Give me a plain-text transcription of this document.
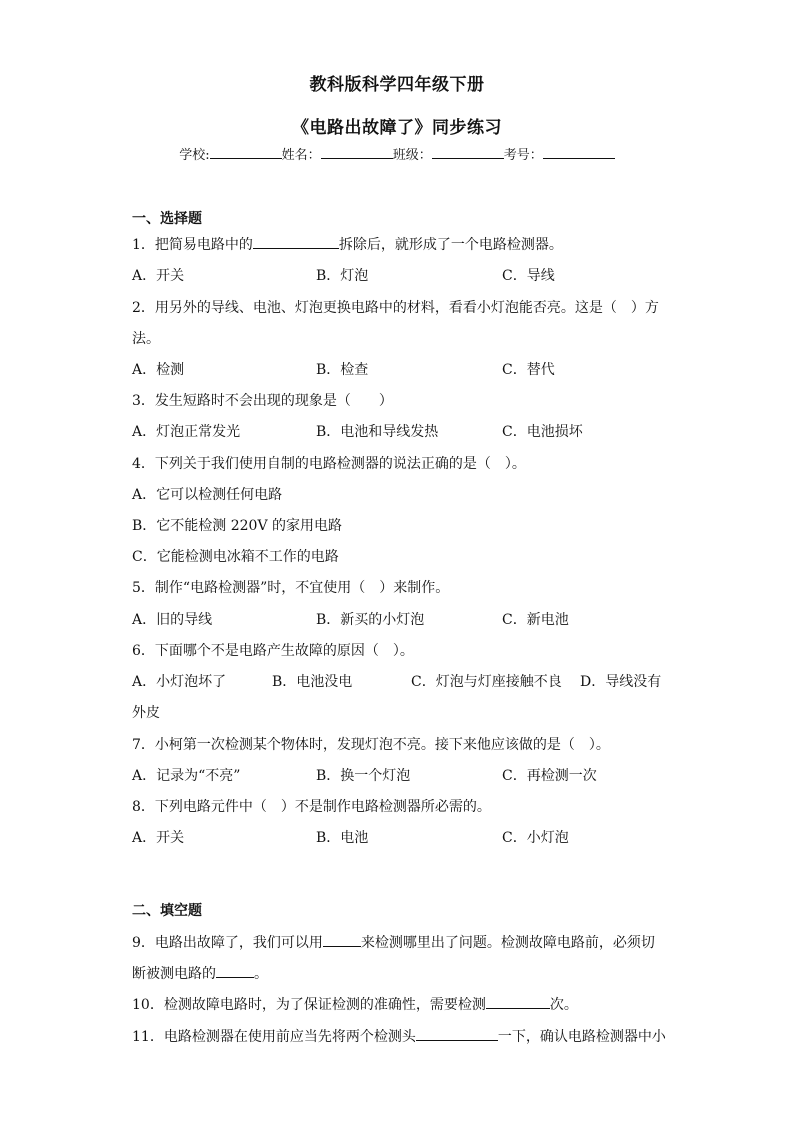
教科版科学四年级下册
《电路出故障了》同步练习
学校:	姓名：	班级：	考号：
一、选择题
1．把简易电路中的	拆除后，就形成了一个电路检测器。
A．开关	B．灯泡	C．导线
2．用另外的导线、电池、灯泡更换电路中的材料，看看小灯泡能否亮。这是（　）方
法。
A．检测	B．检查	C．替代
3．发生短路时不会出现的现象是（　　）
A．灯泡正常发光	B．电池和导线发热	C．电池损坏
4．下列关于我们使用自制的电路检测器的说法正确的是（　）。
A．它可以检测任何电路
B．它不能检测 220V 的家用电路
C．它能检测电冰箱不工作的电路
5．制作“电路检测器”时，不宜使用（　）来制作。
A．旧的导线	B．新买的小灯泡	C．新电池
6．下面哪个不是电路产生故障的原因（　）。
A．小灯泡坏了	B．电池没电	C．灯泡与灯座接触不良 D．导线没有
外皮
7．小柯第一次检测某个物体时，发现灯泡不亮。接下来他应该做的是（　）。
A．记录为“不亮”	B．换一个灯泡	C．再检测一次
8．下列电路元件中（　）不是制作电路检测器所必需的。
A．开关	B．电池	C．小灯泡
二、填空题
9．电路出故障了，我们可以用	来检测哪里出了问题。检测故障电路前，必须切
断被测电路的	。
10．检测故障电路时，为了保证检测的准确性，需要检测	次。
11．电路检测器在使用前应当先将两个检测头	一下，确认电路检测器中小
